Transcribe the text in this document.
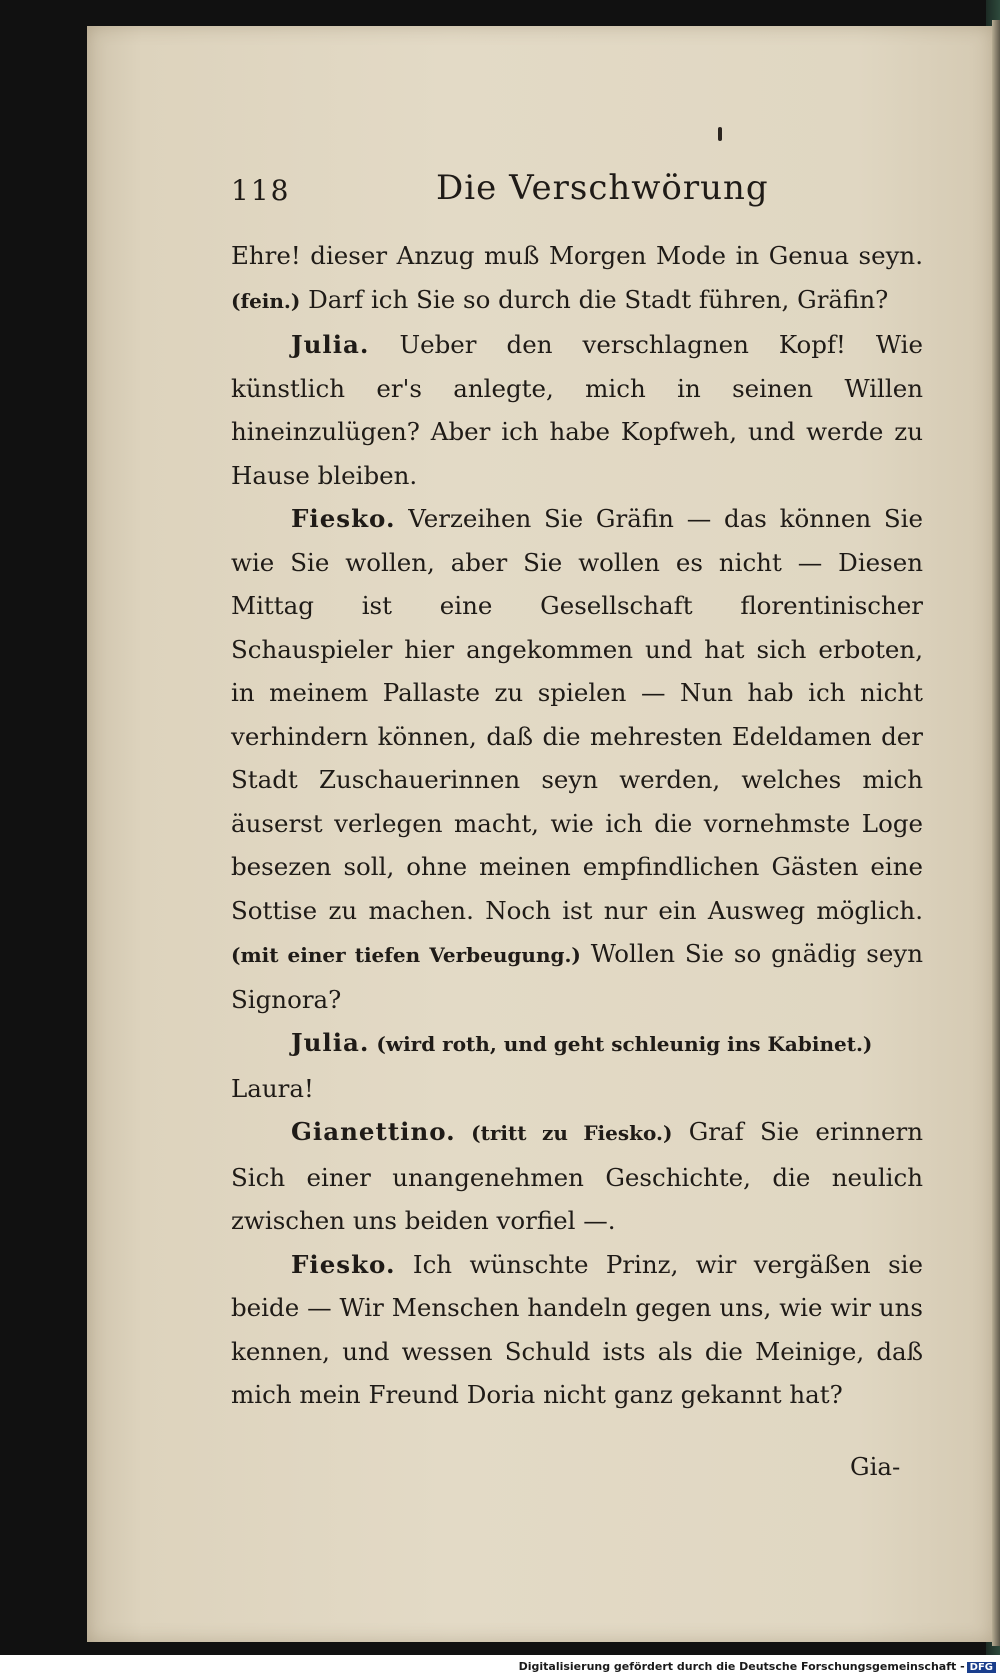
118	Die Verschwörung

Ehre! dieser Anzug muß Morgen Mode in Genua seyn. (fein.) Darf ich Sie so durch die Stadt führen, Gräfin?

Julia. Ueber den verschlagnen Kopf! Wie künstlich er's anlegte, mich in seinen Willen hineinzulügen? Aber ich habe Kopfweh, und werde zu Hause bleiben.

Fiesko. Verzeihen Sie Gräfin — das können Sie wie Sie wollen, aber Sie wollen es nicht — Diesen Mittag ist eine Gesellschaft florentinischer Schauspieler hier angekommen und hat sich erboten, in meinem Pallaste zu spielen — Nun hab ich nicht verhindern können, daß die mehresten Edeldamen der Stadt Zuschauerinnen seyn werden, welches mich äuserst verlegen macht, wie ich die vornehmste Loge besezen soll, ohne meinen empfindlichen Gästen eine Sottise zu machen. Noch ist nur ein Ausweg möglich. (mit einer tiefen Verbeugung.) Wollen Sie so gnädig seyn Signora?

Julia. (wird roth, und geht schleunig ins Kabinet.)
Laura!

Gianettino. (tritt zu Fiesko.) Graf Sie erinnern Sich einer unangenehmen Geschichte, die neulich zwischen uns beiden vorfiel —.

Fiesko. Ich wünschte Prinz, wir vergäßen sie beide — Wir Menschen handeln gegen uns, wie wir uns kennen, und wessen Schuld ists als die Meinige, daß mich mein Freund Doria nicht ganz gekannt hat?

Gia-
Digitalisierung gefördert durch die Deutsche Forschungsgemeinschaft - DFG
